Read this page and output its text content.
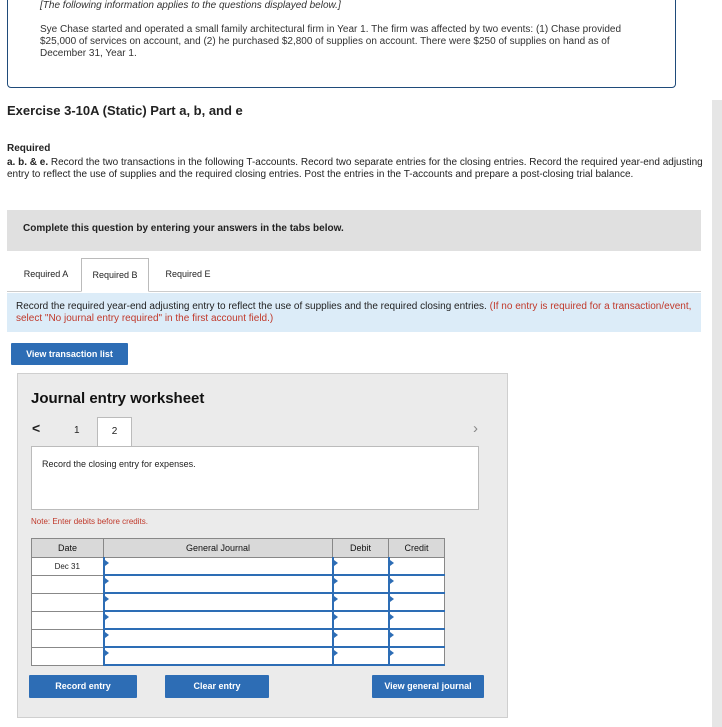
[The following information applies to the questions displayed below.]
Sye Chase started and operated a small family architectural firm in Year 1. The firm was affected by two events: (1) Chase provided $25,000 of services on account, and (2) he purchased $2,800 of supplies on account. There were $250 of supplies on hand as of December 31, Year 1.
Exercise 3-10A (Static) Part a, b, and e
Required
a. b. & e. Record the two transactions in the following T-accounts. Record two separate entries for the closing entries. Record the required year-end adjusting entry to reflect the use of supplies and the required closing entries. Post the entries in the T-accounts and prepare a post-closing trial balance.
Complete this question by entering your answers in the tabs below.
Required A	Required B	Required E
Record the required year-end adjusting entry to reflect the use of supplies and the required closing entries. (If no entry is required for a transaction/event, select "No journal entry required" in the first account field.)
View transaction list
Journal entry worksheet
<	1	2	›
Record the closing entry for expenses.
Note: Enter debits before credits.
Date	General Journal	Debit	Credit
Dec 31			

Record entry	Clear entry	View general journal
